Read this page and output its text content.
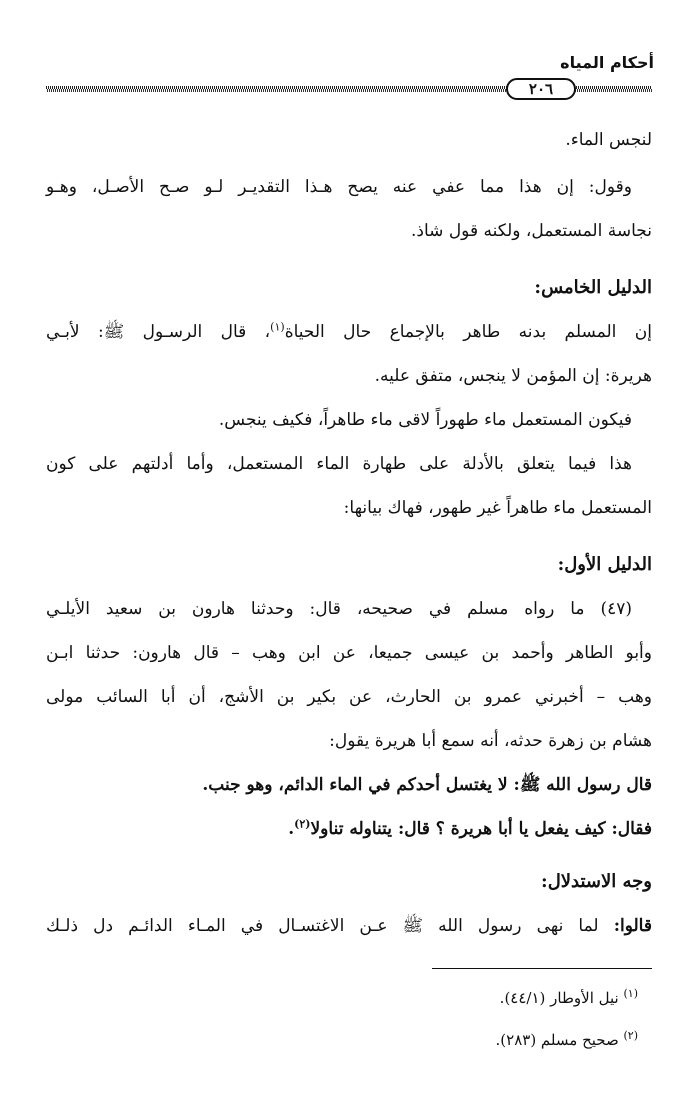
أحكام المياه
٢٠٦
لنجس الماء.
وقول: إن هذا مما عفي عنه يصح هـذا التقديـر لـو صـح الأصـل، وهـو
نجاسة المستعمل، ولكنه قول شاذ.
الدليل الخامس:
إن المسلم بدنه طاهر بالإجماع حال الحياة$^{(١)}$، قال الرسـول ﷺ: لأبـي
هريرة: إن المؤمن لا ينجس، متفق عليه.
فيكون المستعمل ماء طهوراً لاقى ماء طاهراً، فكيف ينجس.
هذا فيما يتعلق بالأدلة على طهارة الماء المستعمل، وأما أدلتهم على كون
المستعمل ماء طاهراً غير طهور، فهاك بيانها:
الدليل الأول:
(٤٧) ما رواه مسلم في صحيحه، قال: وحدثنا هارون بن سعيد الأيلـي
وأبو الطاهر وأحمد بن عيسى جميعا، عن ابن وهب – قال هارون: حدثنا ابـن
وهب – أخبرني عمرو بن الحارث، عن بكير بن الأشج، أن أبا السائب مولى
هشام بن زهرة حدثه، أنه سمع أبا هريرة يقول:
قال رسول الله ﷺ: لا يغتسل أحدكم في الماء الدائم، وهو جنب.
فقال: كيف يفعل يا أبا هريرة ؟ قال: يتناوله تناولا$^{(٢)}$.
وجه الاستدلال:
قالوا: لما نهى رسول الله ﷺ عـن الاغتسـال في المـاء الدائـم دل ذلـك
$^{(١)}$ نيل الأوطار (٤٤/١).
$^{(٢)}$ صحيح مسلم (٢٨٣).
